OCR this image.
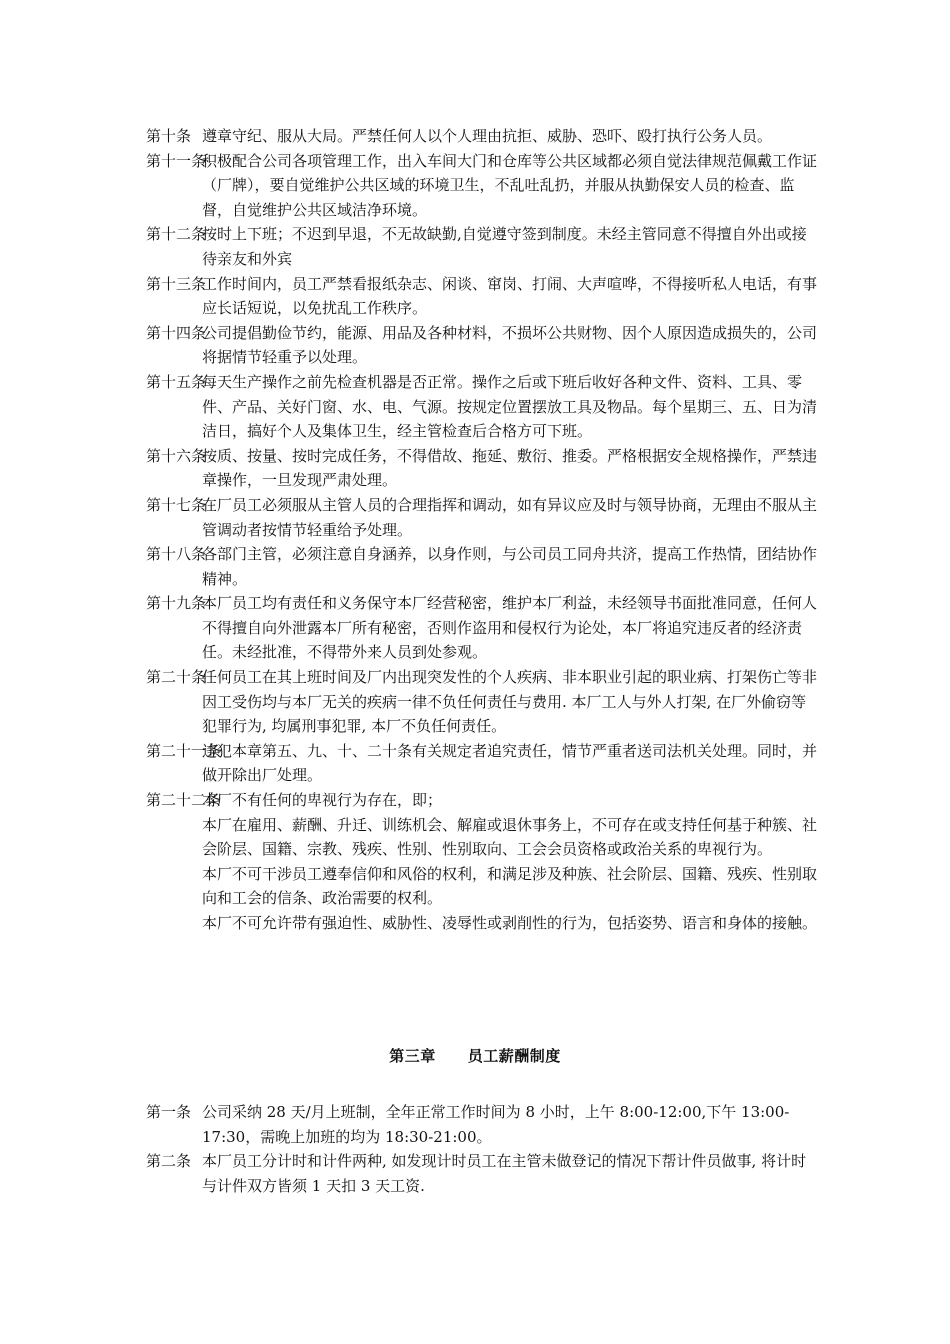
第十条 遵章守纪、服从大局。严禁任何人以个人理由抗拒、威胁、恐吓、殴打执行公务人员。

第十一条
积极配合公司各项管理工作，出入车间大门和仓库等公共区域都必须自觉法律规范佩戴工作证（厂牌），要自觉维护公共区域的环境卫生，不乱吐乱扔，并服从执勤保安人员的检查、监督，自觉维护公共区域洁净环境。

第十二条
按时上下班；不迟到早退，不无故缺勤,自觉遵守签到制度。未经主管同意不得擅自外出或接待亲友和外宾

第十三条
工作时间内，员工严禁看报纸杂志、闲谈、窜岗、打闹、大声喧哗，不得接听私人电话，有事应长话短说，以免扰乱工作秩序。

第十四条
公司提倡勤俭节约，能源、用品及各种材料，不损坏公共财物、因个人原因造成损失的，公司将据情节轻重予以处理。

第十五条
每天生产操作之前先检查机器是否正常。操作之后或下班后收好各种文件、资料、工具、零件、产品、关好门窗、水、电、气源。按规定位置摆放工具及物品。每个星期三、五、日为清洁日，搞好个人及集体卫生，经主管检查后合格方可下班。

第十六条
按质、按量、按时完成任务，不得借故、拖延、敷衍、推委。严格根据安全规格操作，严禁违章操作，一旦发现严肃处理。

第十七条
在厂员工必须服从主管人员的合理指挥和调动，如有异议应及时与领导协商，无理由不服从主管调动者按情节轻重给予处理。

第十八条
各部门主管，必须注意自身涵养，以身作则，与公司员工同舟共济，提高工作热情，团结协作精神。

第十九条
本厂员工均有责任和义务保守本厂经营秘密，维护本厂利益，未经领导书面批准同意，任何人不得擅自向外泄露本厂所有秘密，否则作盗用和侵权行为论处，本厂将追究违反者的经济责任。未经批准，不得带外来人员到处参观。

第二十条
任何员工在其上班时间及厂内出现突发性的个人疾病、非本职业引起的职业病、打架伤亡等非因工受伤均与本厂无关的疾病一律不负任何责任与费用. 本厂工人与外人打架, 在厂外偷窃等犯罪行为, 均属刑事犯罪, 本厂不负任何责任。

第二十一条
违犯本章第五、九、十、二十条有关规定者追究责任，情节严重者送司法机关处理。同时，并做开除出厂处理。

第二十二条
本厂不有任何的卑视行为存在，即；

本厂在雇用、薪酬、升迁、训练机会、解雇或退休事务上，不可存在或支持任何基于种簇、社会阶层、国籍、宗教、残疾、性别、性别取向、工会会员资格或政治关系的卑视行为。

本厂不可干涉员工遵奉信仰和风俗的权利，和满足涉及种族、社会阶层、国籍、残疾、性别取向和工会的信条、政治需要的权利。

本厂不可允许带有强迫性、威胁性、凌辱性或剥削性的行为，包括姿势、语言和身体的接触。

第三章 员工薪酬制度

第一条 公司采纳 28 天/月上班制，全年正常工作时间为 8 小时，上午 8:00-12:00,下午 13:00-17:30，需晚上加班的均为 18:30-21:00。

第二条 本厂员工分计时和计件两种, 如发现计时员工在主管未做登记的情况下帮计件员做事, 将计时与计件双方皆须 1 天扣 3 天工资.
